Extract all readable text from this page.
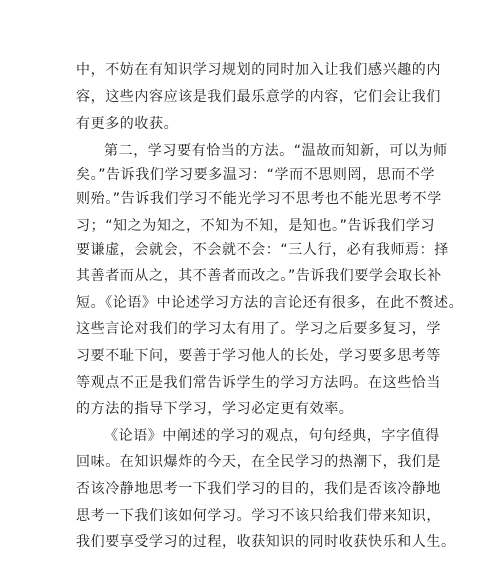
中，不妨在有知识学习规划的同时加入让我们感兴趣的内
容，这些内容应该是我们最乐意学的内容，它们会让我们
有更多的收获。
第二，学习要有恰当的方法。“温故而知新，可以为师
矣。”告诉我们学习要多温习：“学而不思则罔，思而不学
则殆。”告诉我们学习不能光学习不思考也不能光思考不学
习；“知之为知之，不知为不知，是知也。”告诉我们学习
要谦虚，会就会，不会就不会：“三人行，必有我师焉：择
其善者而从之，其不善者而改之。”告诉我们要学会取长补
短。《论语》中论述学习方法的言论还有很多，在此不赘述。
这些言论对我们的学习太有用了。学习之后要多复习，学
习要不耻下问，要善于学习他人的长处，学习要多思考等
等观点不正是我们常告诉学生的学习方法吗。在这些恰当
的方法的指导下学习，学习必定更有效率。
《论语》中阐述的学习的观点，句句经典，字字值得
回味。在知识爆炸的今天，在全民学习的热潮下，我们是
否该冷静地思考一下我们学习的目的，我们是否该冷静地
思考一下我们该如何学习。学习不该只给我们带来知识，
我们要享受学习的过程，收获知识的同时收获快乐和人生。
